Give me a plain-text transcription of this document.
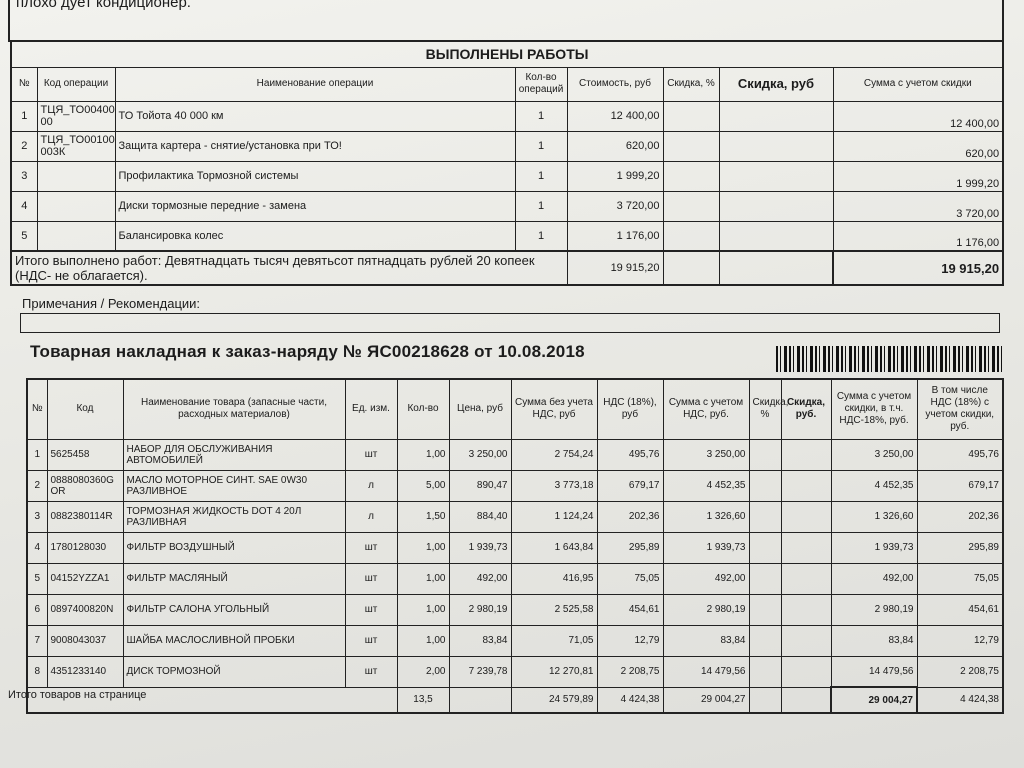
плохо дует кондиционер.
ВЫПОЛНЕНЫ РАБОТЫ							
№	Код операции	Наименование операции	Кол-во операций	Стоимость, руб	Скидка, %	Скидка, руб	Сумма с учетом скидки
1	ТЦЯ_ТО00400 00	ТО Тойота 40 000 км	1	12 400,00			12 400,00
2	ТЦЯ_ТО00100 003К	Защита картера - снятие/установка при ТО!	1	620,00			620,00
3		Профилактика Тормозной системы	1	1 999,20			1 999,20
4		Диски тормозные передние - замена	1	3 720,00			3 720,00
5		Балансировка колес	1	1 176,00			1 176,00
Итого выполнено работ: Девятнадцать тысяч девятьсот пятнадцать рублей 20 копеек (НДС- не облагается).				19 915,20			19 915,20
Примечания / Рекомендации:
Товарная накладная к заказ-наряду № ЯС00218628 от 10.08.2018
№	Код	Наименование товара (запасные части, расходных материалов)	Ед. изм.	Кол-во	Цена, руб	Сумма без учета НДС, руб	НДС (18%), руб	Сумма с учетом НДС, руб.	Скидка, %	Скидка, руб.	Сумма с учетом скидки, в т.ч. НДС-18%, руб.	В том числе НДС (18%) с учетом скидки, руб.
1	5625458	НАБОР ДЛЯ ОБСЛУЖИВАНИЯ АВТОМОБИЛЕЙ	шт	1,00	3 250,00	2 754,24	495,76	3 250,00			3 250,00	495,76
2	0888080360G OR	МАСЛО МОТОРНОЕ СИНТ. SAE 0W30 РАЗЛИВНОЕ	л	5,00	890,47	3 773,18	679,17	4 452,35			4 452,35	679,17
3	0882380114R	ТОРМОЗНАЯ ЖИДКОСТЬ DOT 4 20Л РАЗЛИВНАЯ	л	1,50	884,40	1 124,24	202,36	1 326,60			1 326,60	202,36
4	1780128030	ФИЛЬТР ВОЗДУШНЫЙ	шт	1,00	1 939,73	1 643,84	295,89	1 939,73			1 939,73	295,89
5	04152YZZA1	ФИЛЬТР МАСЛЯНЫЙ	шт	1,00	492,00	416,95	75,05	492,00			492,00	75,05
6	0897400820N	ФИЛЬТР САЛОНА УГОЛЬНЫЙ	шт	1,00	2 980,19	2 525,58	454,61	2 980,19			2 980,19	454,61
7	9008043037	ШАЙБА МАСЛОСЛИВНОЙ ПРОБКИ	шт	1,00	83,84	71,05	12,79	83,84			83,84	12,79
8	4351233140	ДИСК ТОРМОЗНОЙ	шт	2,00	7 239,78	12 270,81	2 208,75	14 479,56			14 479,56	2 208,75
				13,5		24 579,89	4 424,38	29 004,27			29 004,27	4 424,38
Итого товаров на странице
